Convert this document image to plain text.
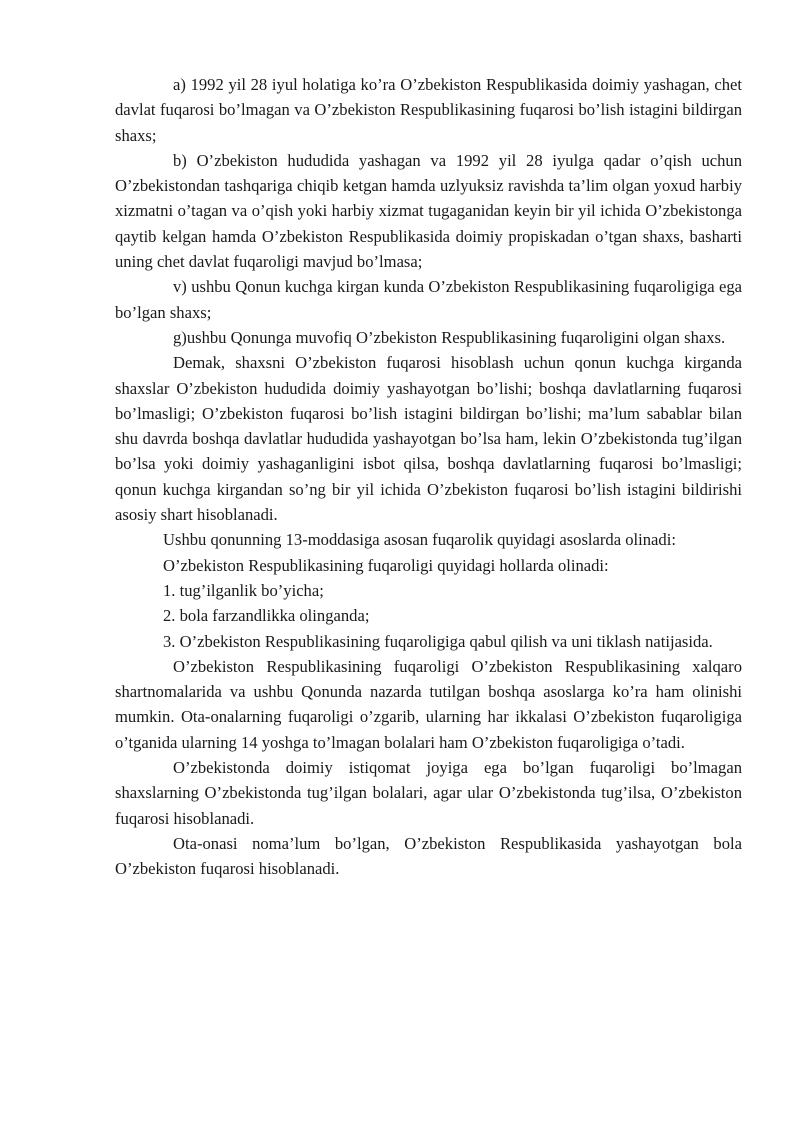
a) 1992 yil 28 iyul holatiga ko’ra O’zbekiston Respublikasida doimiy yashagan, chet davlat fuqarosi bo’lmagan va O’zbekiston Respublikasining fuqarosi bo’lish istagini bildirgan shaxs;

b) O’zbekiston hududida yashagan va 1992 yil 28 iyulga qadar o’qish uchun O’zbekistondan tashqariga chiqib ketgan hamda uzlyuksiz ravishda ta’lim olgan yoxud harbiy xizmatni o’tagan va o’qish yoki harbiy xizmat tugaganidan keyin bir yil ichida O’zbekistonga qaytib kelgan hamda O’zbekiston Respublikasida doimiy propiskadan o’tgan shaxs, basharti uning chet davlat fuqaroligi mavjud bo’lmasa;

v) ushbu Qonun kuchga kirgan kunda O’zbekiston Respublikasining fuqaroligiga ega bo’lgan shaxs;

g)ushbu Qonunga muvofiq O’zbekiston Respublikasining fuqaroligini olgan shaxs.

Demak, shaxsni O’zbekiston fuqarosi hisoblash uchun qonun kuchga kirganda shaxslar O’zbekiston hududida doimiy yashayotgan bo’lishi; boshqa davlatlarning fuqarosi bo’lmasligi; O’zbekiston fuqarosi bo’lish istagini bildirgan bo’lishi; ma’lum sabablar bilan shu davrda boshqa davlatlar hududida yashayotgan bo’lsa ham, lekin O’zbekistonda tug’ilgan bo’lsa yoki doimiy yashaganligini isbot qilsa, boshqa davlatlarning fuqarosi bo’lmasligi; qonun kuchga kirgandan so’ng bir yil ichida O’zbekiston fuqarosi bo’lish istagini bildirishi asosiy shart hisoblanadi.

Ushbu qonunning 13-moddasiga asosan fuqarolik quyidagi asoslarda olinadi:

O’zbekiston Respublikasining fuqaroligi quyidagi hollarda olinadi:

1. tug’ilganlik bo’yicha;

2. bola farzandlikka olinganda;

3. O’zbekiston Respublikasining fuqaroligiga qabul qilish va uni tiklash natijasida.

O’zbekiston Respublikasining fuqaroligi O’zbekiston Respublikasining xalqaro shartnomalarida va ushbu Qonunda nazarda tutilgan boshqa asoslarga ko’ra ham olinishi mumkin. Ota-onalarning fuqaroligi o’zgarib, ularning har ikkalasi O’zbekiston fuqaroligiga o’tganida ularning 14 yoshga to’lmagan bolalari ham O’zbekiston fuqaroligiga o’tadi.

O’zbekistonda doimiy istiqomat joyiga ega bo’lgan fuqaroligi bo’lmagan shaxslarning O’zbekistonda tug’ilgan bolalari, agar ular O’zbekistonda tug’ilsa, O’zbekiston fuqarosi hisoblanadi.

Ota-onasi noma’lum bo’lgan, O’zbekiston Respublikasida yashayotgan bola O’zbekiston fuqarosi hisoblanadi.
